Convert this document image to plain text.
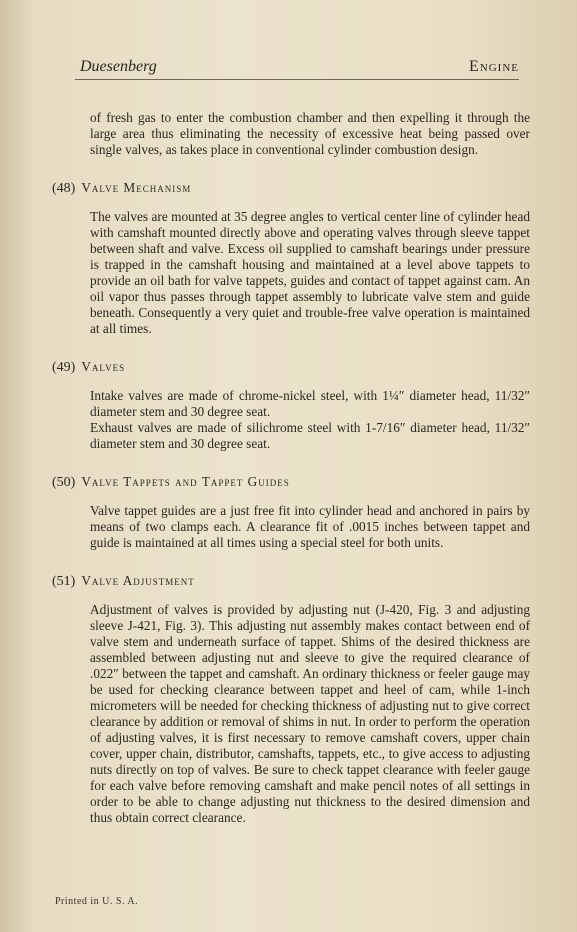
Duesenberg	Engine

of fresh gas to enter the combustion chamber and then expelling it through the large area thus eliminating the necessity of excessive heat being passed over single valves, as takes place in conventional cylinder combustion design.

(48) Valve Mechanism

The valves are mounted at 35 degree angles to vertical center line of cylinder head with camshaft mounted directly above and operating valves through sleeve tappet between shaft and valve. Excess oil supplied to camshaft bearings under pressure is trapped in the camshaft housing and maintained at a level above tappets to provide an oil bath for valve tappets, guides and contact of tappet against cam. An oil vapor thus passes through tappet assembly to lubricate valve stem and guide beneath. Consequently a very quiet and trouble-free valve operation is maintained at all times.

(49) Valves

Intake valves are made of chrome-nickel steel, with 1¼″ diameter head, 11/32″ diameter stem and 30 degree seat.

Exhaust valves are made of silichrome steel with 1-7/16″ diameter head, 11/32″ diameter stem and 30 degree seat.

(50) Valve Tappets and Tappet Guides

Valve tappet guides are a just free fit into cylinder head and anchored in pairs by means of two clamps each. A clearance fit of .0015 inches between tappet and guide is maintained at all times using a special steel for both units.

(51) Valve Adjustment

Adjustment of valves is provided by adjusting nut (J-420, Fig. 3 and adjusting sleeve J-421, Fig. 3). This adjusting nut assembly makes contact between end of valve stem and underneath surface of tappet. Shims of the desired thickness are assembled between adjusting nut and sleeve to give the required clearance of .022″ between the tappet and camshaft. An ordinary thickness or feeler gauge may be used for checking clearance between tappet and heel of cam, while 1-inch micrometers will be needed for checking thickness of adjusting nut to give correct clearance by addition or removal of shims in nut. In order to perform the operation of adjusting valves, it is first necessary to remove camshaft covers, upper chain cover, upper chain, distributor, camshafts, tappets, etc., to give access to adjusting nuts directly on top of valves. Be sure to check tappet clearance with feeler gauge for each valve before removing camshaft and make pencil notes of all settings in order to be able to change adjusting nut thickness to the desired dimension and thus obtain correct clearance.

Printed in U. S. A.
